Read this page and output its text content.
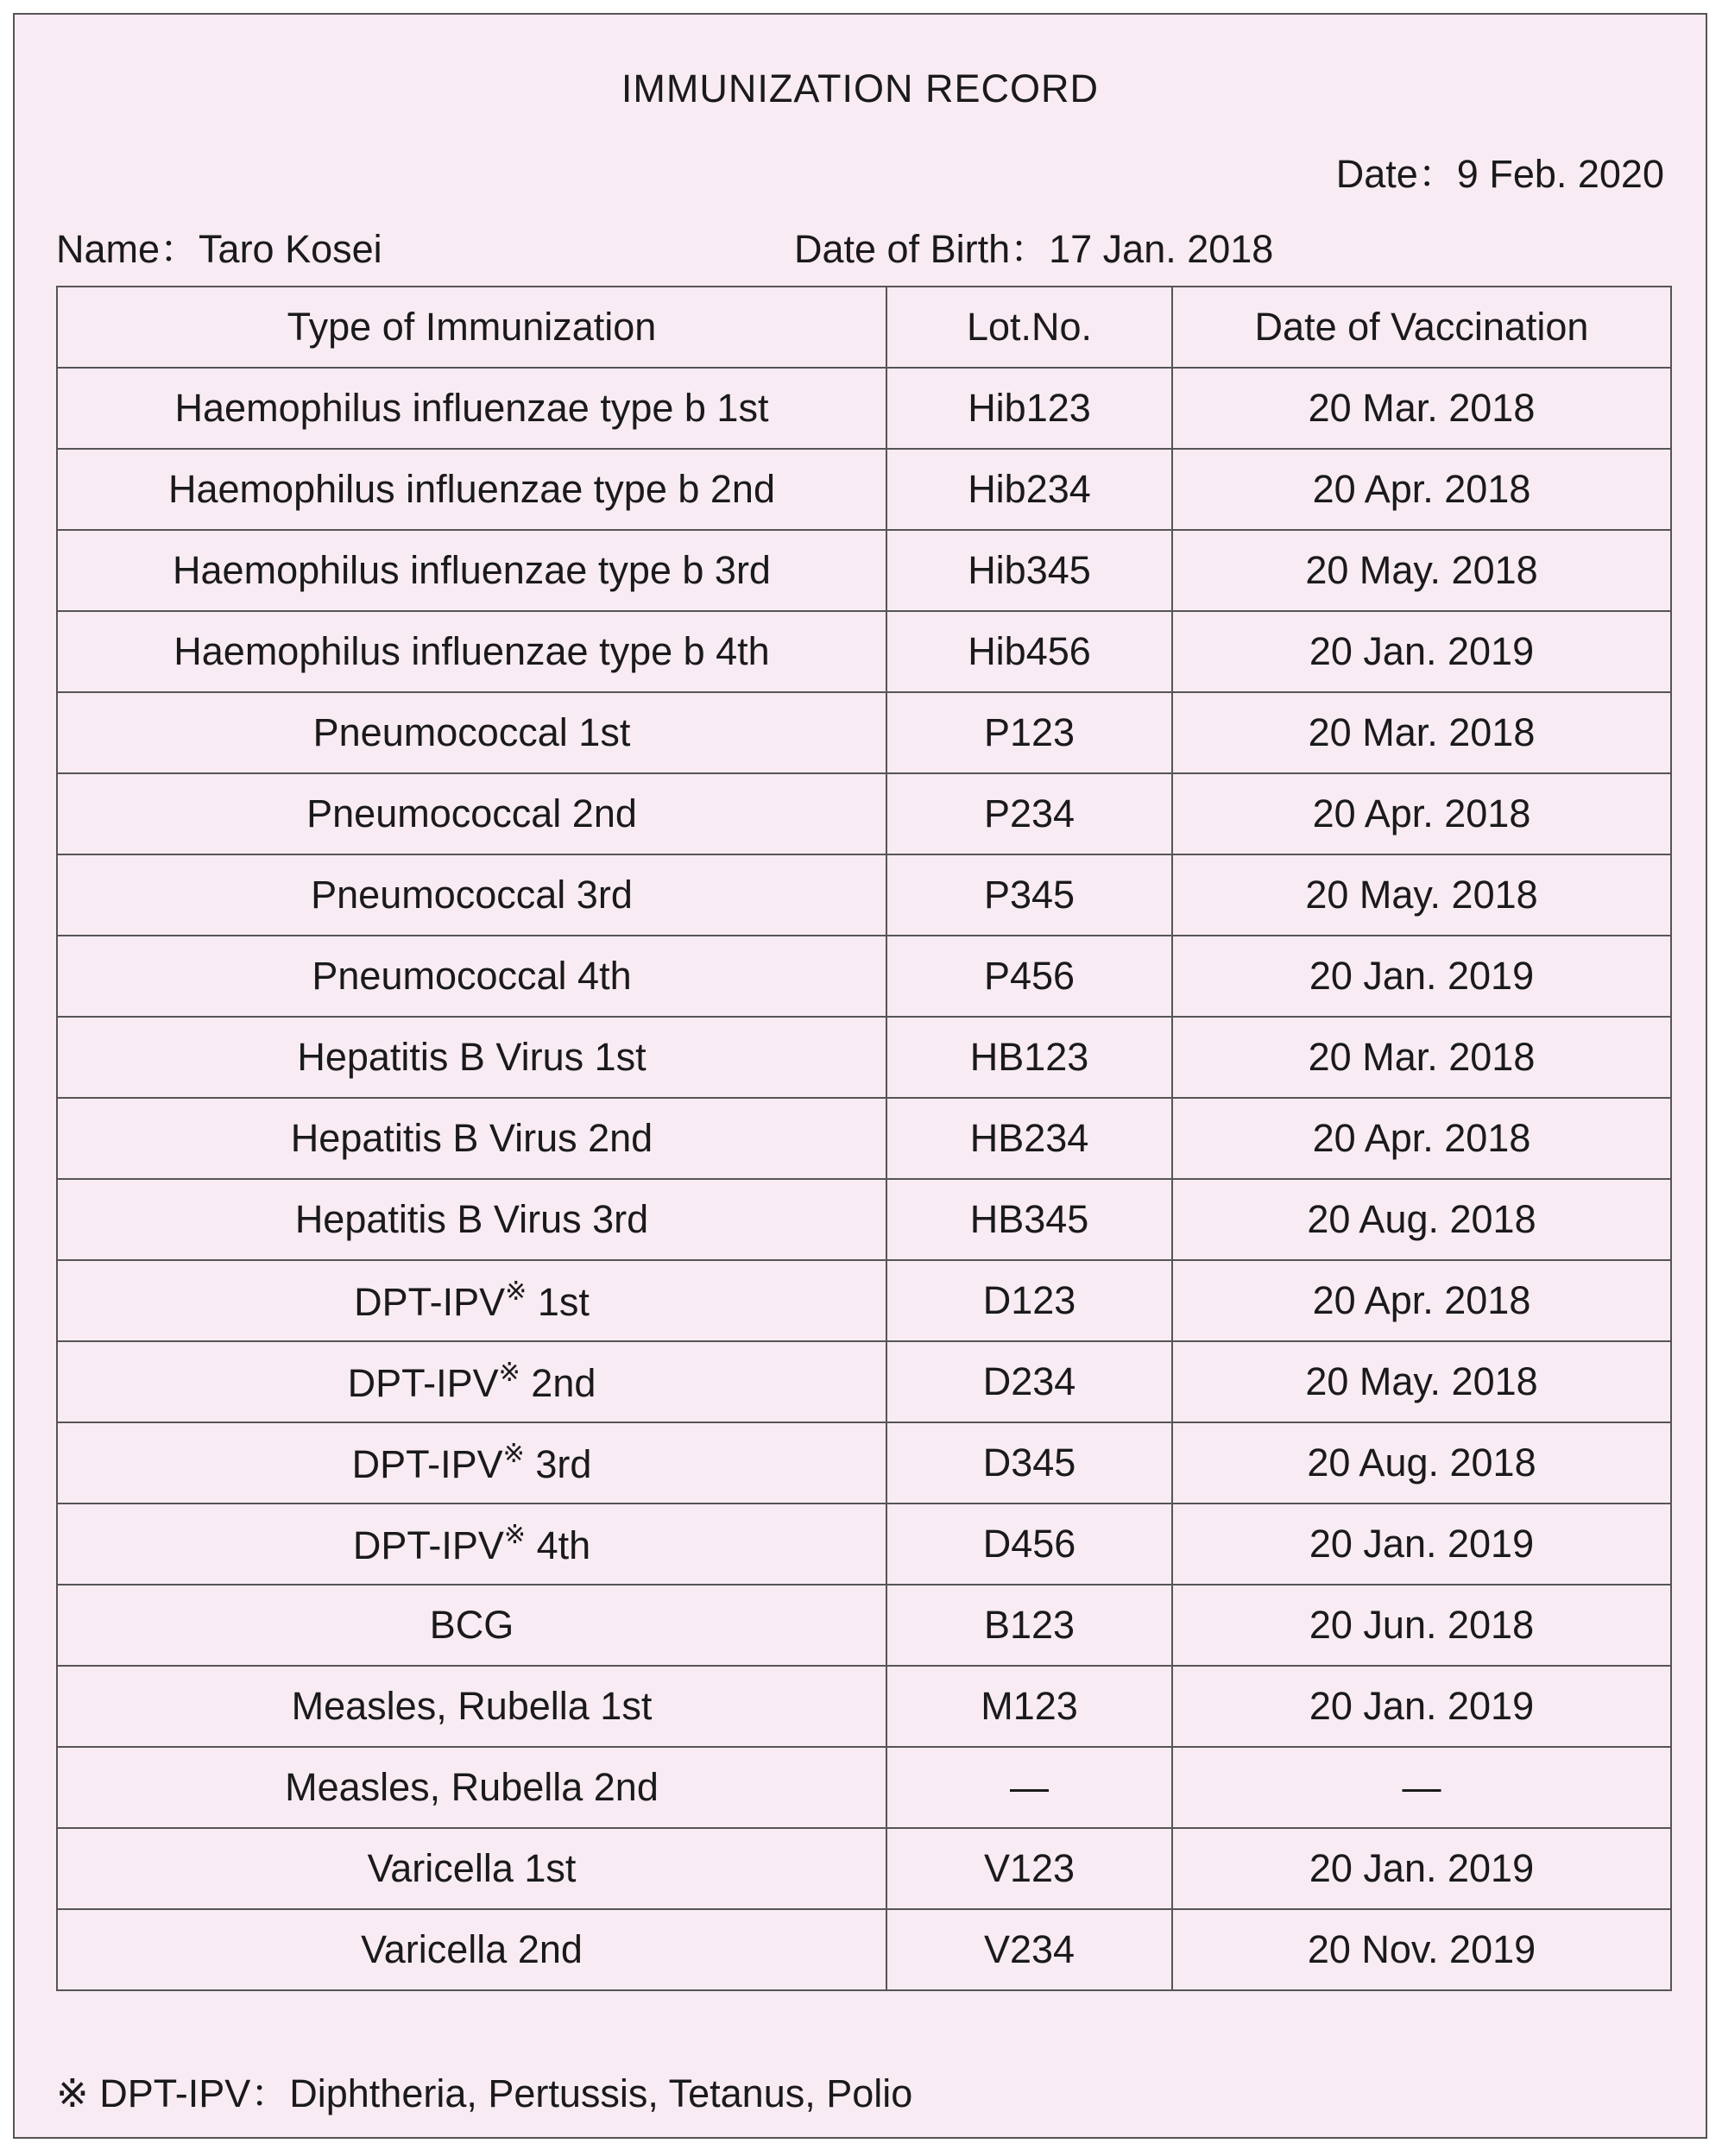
IMMUNIZATION RECORD
Date：9 Feb. 2020
Name：Taro Kosei	Date of Birth：17 Jan. 2018
Type of Immunization	Lot.No.	Date of Vaccination
Haemophilus influenzae type b 1st	Hib123	20 Mar. 2018
Haemophilus influenzae type b 2nd	Hib234	20 Apr. 2018
Haemophilus influenzae type b 3rd	Hib345	20 May. 2018
Haemophilus influenzae type b 4th	Hib456	20 Jan. 2019
Pneumococcal 1st	P123	20 Mar. 2018
Pneumococcal 2nd	P234	20 Apr. 2018
Pneumococcal 3rd	P345	20 May. 2018
Pneumococcal 4th	P456	20 Jan. 2019
Hepatitis B Virus 1st	HB123	20 Mar. 2018
Hepatitis B Virus 2nd	HB234	20 Apr. 2018
Hepatitis B Virus 3rd	HB345	20 Aug. 2018
DPT-IPV※ 1st	D123	20 Apr. 2018
DPT-IPV※ 2nd	D234	20 May. 2018
DPT-IPV※ 3rd	D345	20 Aug. 2018
DPT-IPV※ 4th	D456	20 Jan. 2019
BCG	B123	20 Jun. 2018
Measles, Rubella 1st	M123	20 Jan. 2019
Measles, Rubella 2nd	—	—
Varicella 1st	V123	20 Jan. 2019
Varicella 2nd	V234	20 Nov. 2019
※ DPT-IPV：Diphtheria, Pertussis, Tetanus, Polio
